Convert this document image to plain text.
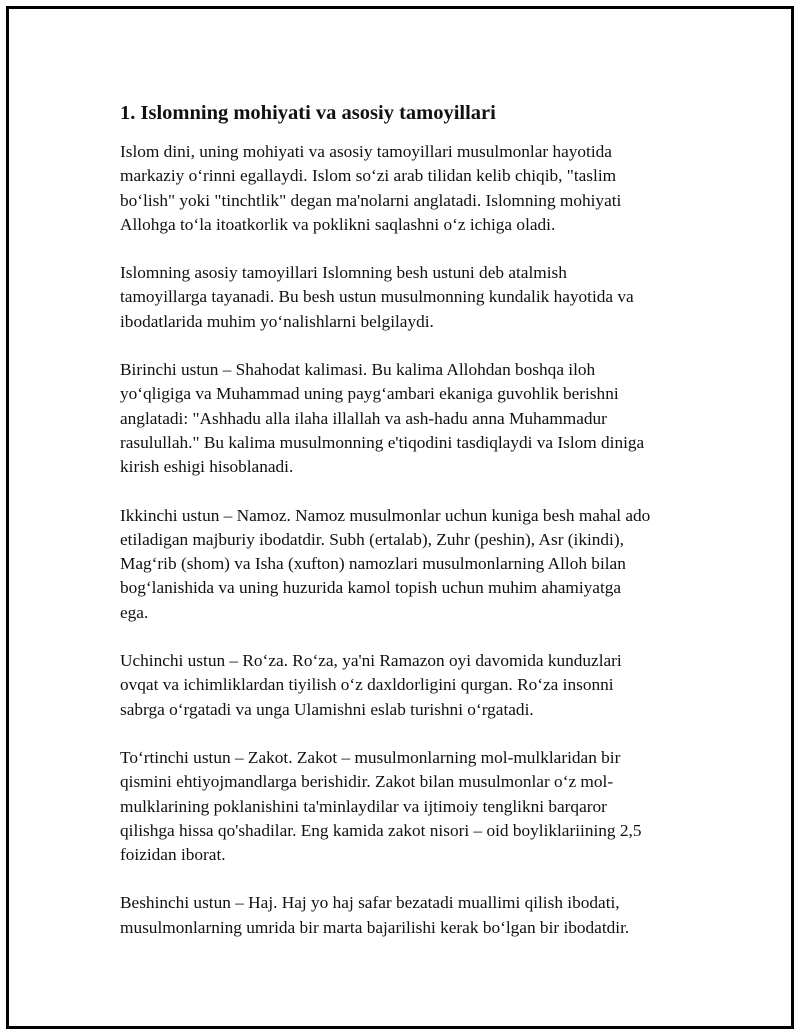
1. Islomning mohiyati va asosiy tamoyillari

Islom dini, uning mohiyati va asosiy tamoyillari musulmonlar hayotida
markaziy oʻrinni egallaydi. Islom soʻzi arab tilidan kelib chiqib, "taslim
boʻlish" yoki "tinchtlik" degan ma'nolarni anglatadi. Islomning mohiyati
Allohga toʻla itoatkorlik va poklikni saqlashni oʻz ichiga oladi.

Islomning asosiy tamoyillari Islomning besh ustuni deb atalmish
tamoyillarga tayanadi. Bu besh ustun musulmonning kundalik hayotida va
ibodatlarida muhim yoʻnalishlarni belgilaydi.

Birinchi ustun – Shahodat kalimasi. Bu kalima Allohdan boshqa iloh
yoʻqligiga va Muhammad uning paygʻambari ekaniga guvohlik berishni
anglatadi: "Ashhadu alla ilaha illallah va ash-hadu anna Muhammadur
rasulullah." Bu kalima musulmonning e'tiqodini tasdiqlaydi va Islom diniga
kirish eshigi hisoblanadi.

Ikkinchi ustun – Namoz. Namoz musulmonlar uchun kuniga besh mahal ado
etiladigan majburiy ibodatdir. Subh (ertalab), Zuhr (peshin), Asr (ikindi),
Magʻrib (shom) va Isha (xufton) namozlari musulmonlarning Alloh bilan
bogʻlanishida va uning huzurida kamol topish uchun muhim ahamiyatga
ega.

Uchinchi ustun – Roʻza. Roʻza, ya'ni Ramazon oyi davomida kunduzlari
ovqat va ichimliklardan tiyilish oʻz daxldorligini qurgan. Roʻza insonni
sabrga oʻrgatadi va unga Ulamishni eslab turishni oʻrgatadi.

Toʻrtinchi ustun – Zakot. Zakot – musulmonlarning mol-mulklaridan bir
qismini ehtiyojmandlarga berishidir. Zakot bilan musulmonlar oʻz mol-
mulklarining poklanishini ta'minlaydilar va ijtimoiy tenglikni barqaror
qilishga hissa qo'shadilar. Eng kamida zakot nisori – oid boyliklariining 2,5
foizidan iborat.

Beshinchi ustun – Haj. Haj yo haj safar bezatadi muallimi qilish ibodati,
musulmonlarning umrida bir marta bajarilishi kerak boʻlgan bir ibodatdir.
